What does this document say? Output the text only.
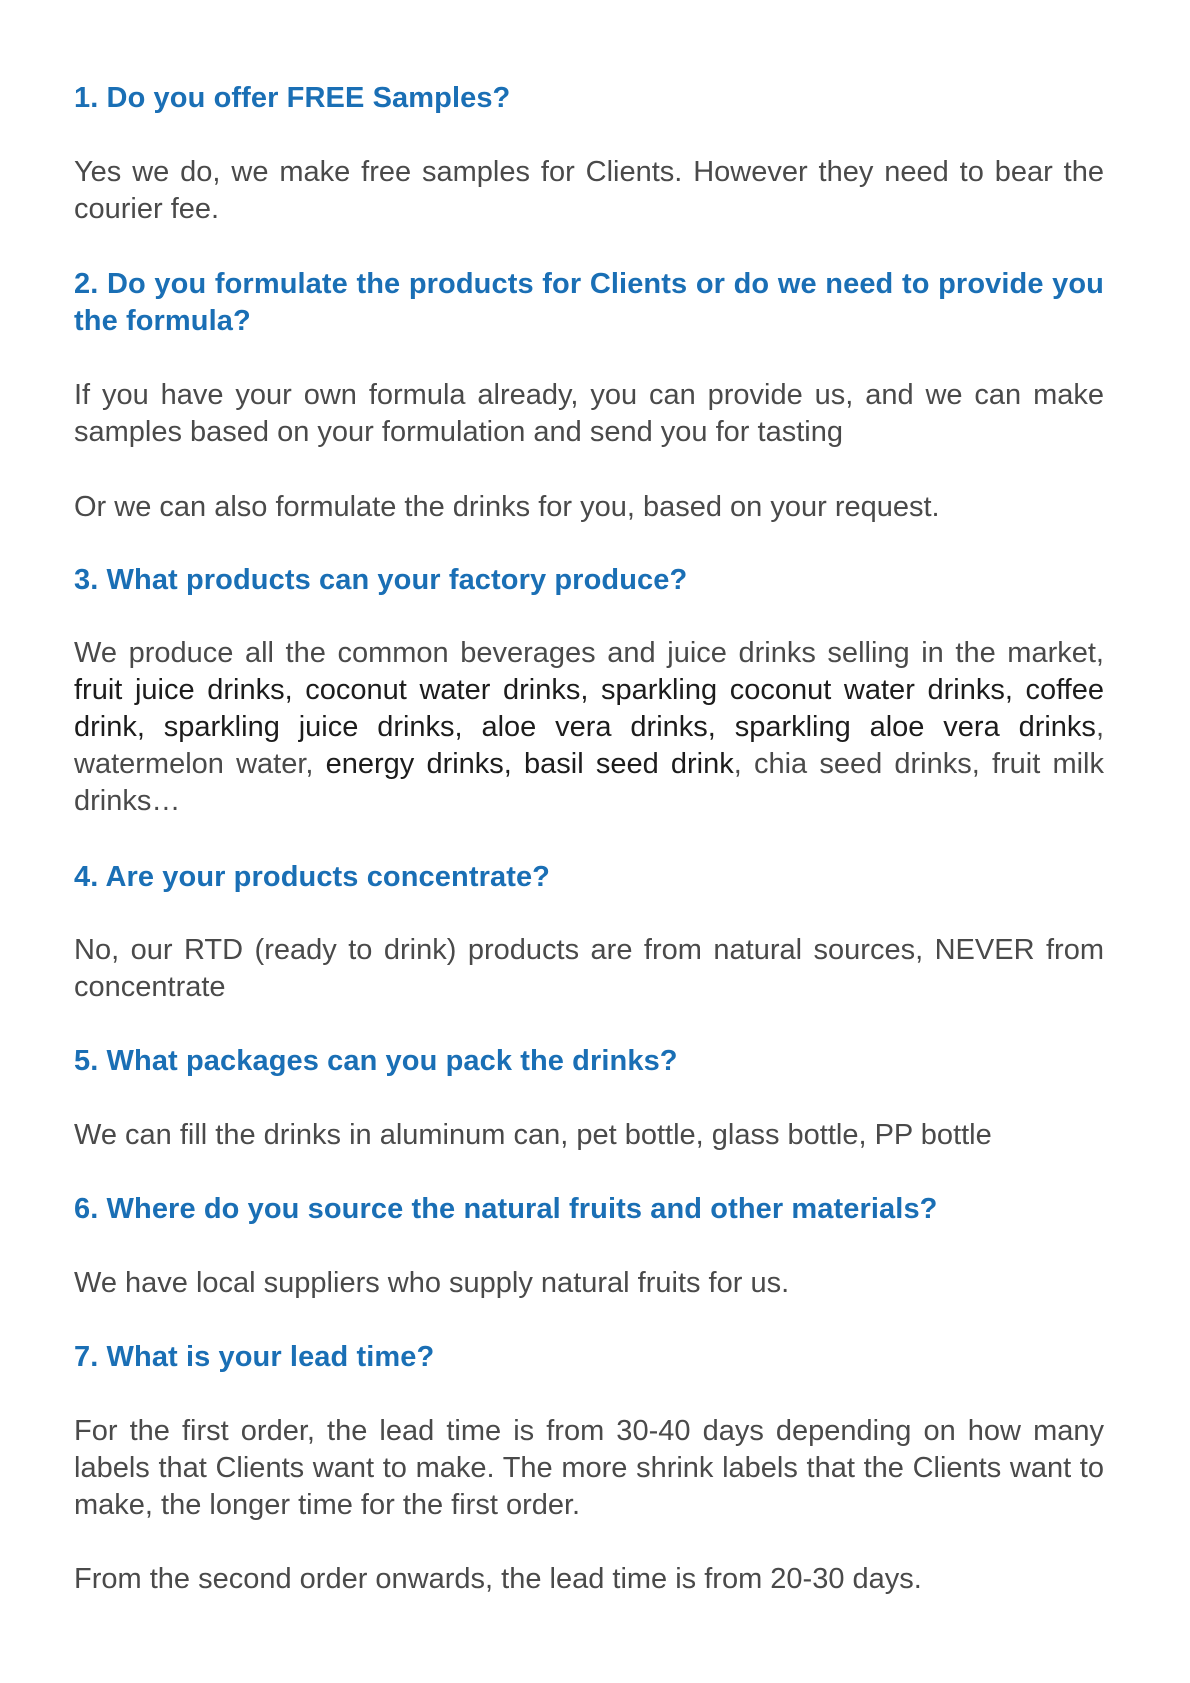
1. Do you offer FREE Samples?

Yes we do, we make free samples for Clients. However they need to bear the courier fee.

2. Do you formulate the products for Clients or do we need to provide you the formula?

If you have your own formula already, you can provide us, and we can make samples based on your formulation and send you for tasting

Or we can also formulate the drinks for you, based on your request.

3. What products can your factory produce?

We produce all the common beverages and juice drinks selling in the market, fruit juice drinks, coconut water drinks, sparkling coconut water drinks, coffee drink, sparkling juice drinks, aloe vera drinks, sparkling aloe vera drinks, watermelon water, energy drinks, basil seed drink, chia seed drinks, fruit milk drinks…

4. Are your products concentrate?

No, our RTD (ready to drink) products are from natural sources, NEVER from concentrate

5. What packages can you pack the drinks?

We can fill the drinks in aluminum can, pet bottle, glass bottle, PP bottle

6. Where do you source the natural fruits and other materials?

We have local suppliers who supply natural fruits for us.

7. What is your lead time?

For the first order, the lead time is from 30-40 days depending on how many labels that Clients want to make. The more shrink labels that the Clients want to make, the longer time for the first order.

From the second order onwards, the lead time is from 20-30 days.
